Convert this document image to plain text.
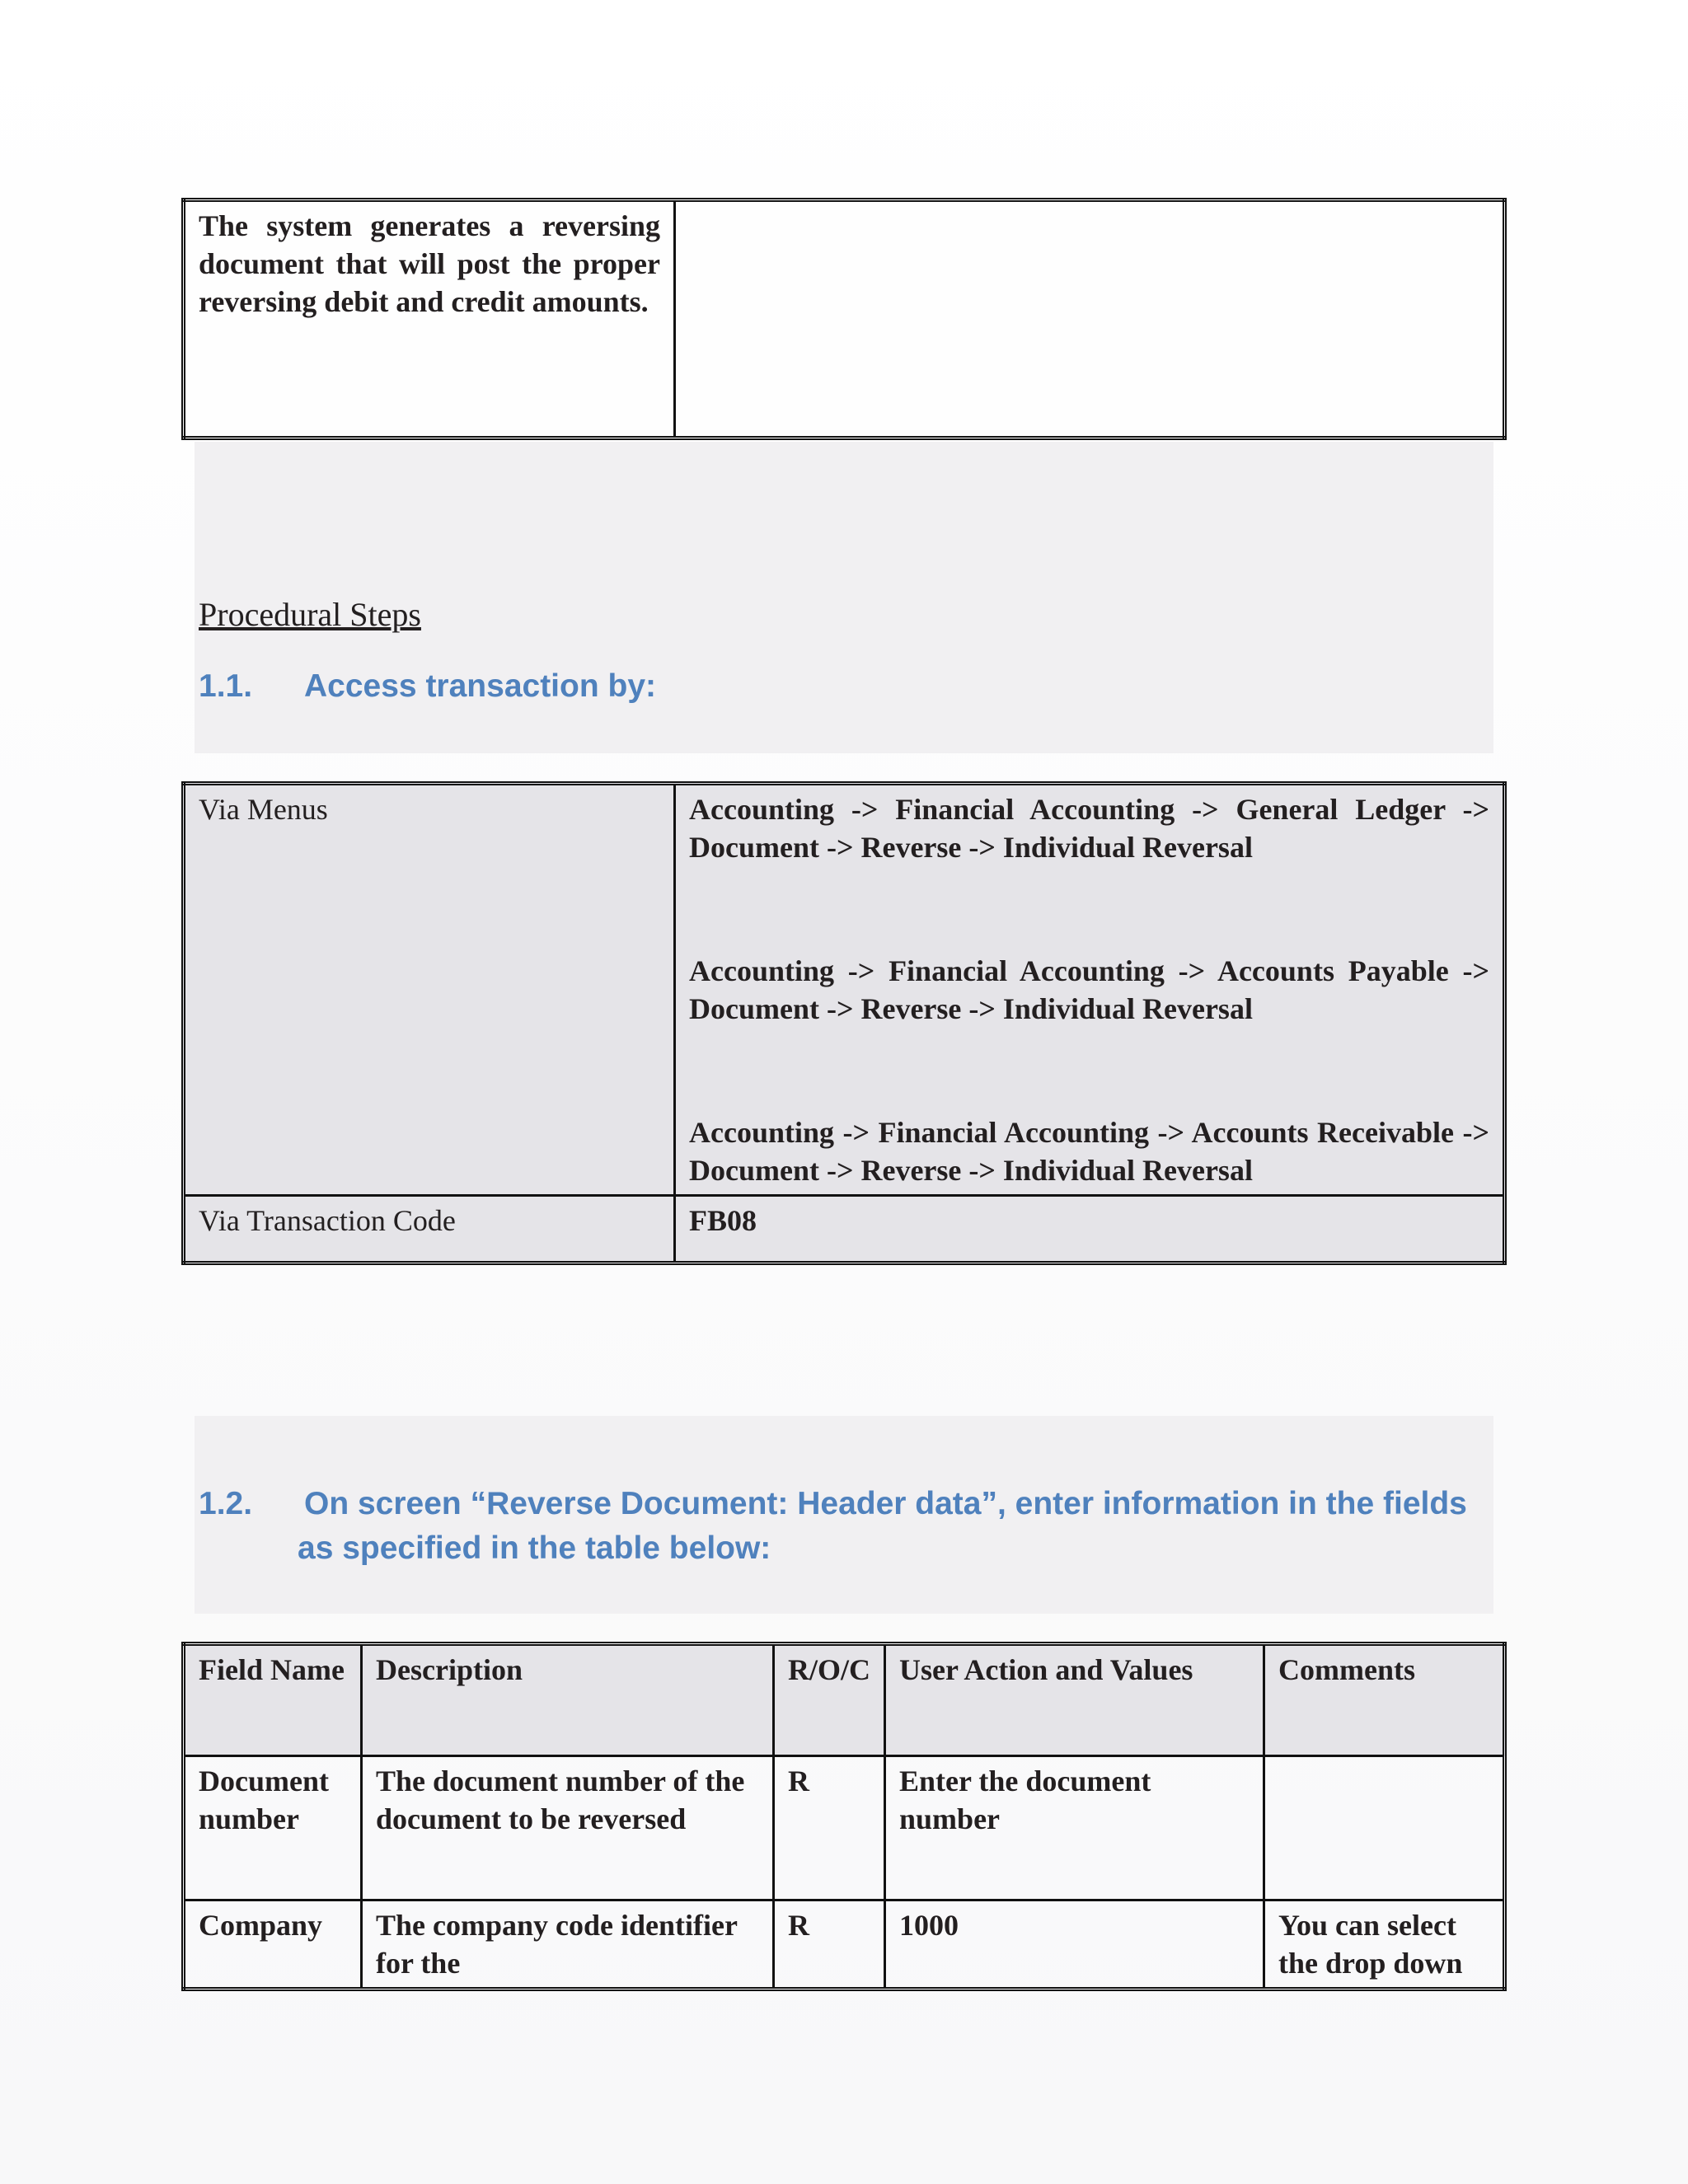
The system generates a reversing document that will post the proper reversing debit and credit amounts.	
Procedural Steps
1.1. Access transaction by:
Via Menus	Accounting -> Financial Accounting -> General Ledger -> Document -> Reverse -> Individual Reversal

Accounting -> Financial Accounting -> Accounts Payable -> Document -> Reverse -> Individual Reversal

Accounting -> Financial Accounting -> Accounts Receivable -> Document -> Reverse -> Individual Reversal

Via Transaction Code	FB08
1.2. On screen “Reverse Document: Header data”, enter information in the fields
as specified in the table below:
Field Name	Description	R/O/C	User Action and Values	Comments
Document number	The document number of the document to be reversed	R	Enter the document number	
Company	The company code identifier for the	R	1000	You can select the drop down
